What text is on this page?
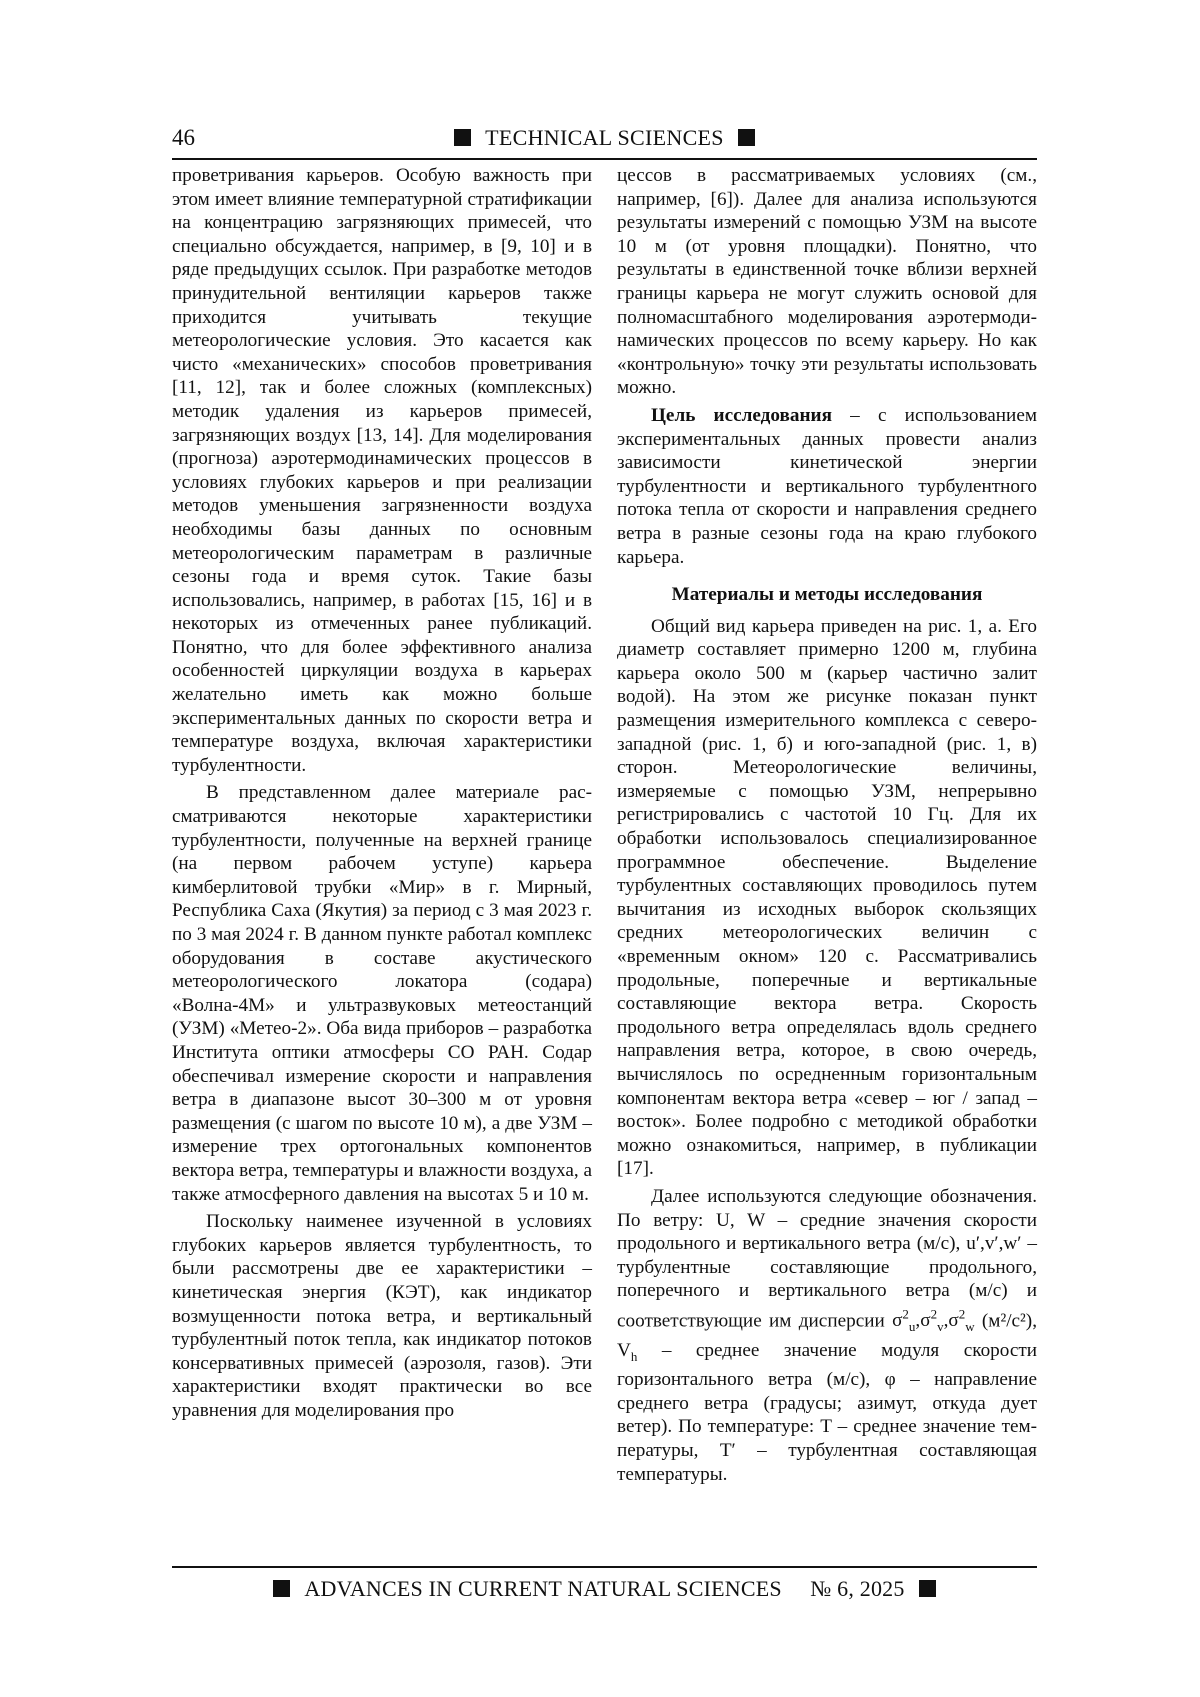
46	TECHNICAL SCIENCES

проветривания карьеров. Особую важность при этом имеет влияние температурной стратификации на концентрацию загрязняющих примесей, что специально обсуждается, например, в [9, 10] и в ряде предыдущих ссылок. При разработке методов принудительной вентиляции карьеров также приходится учитывать текущие метеорологические условия. Это касается как чисто «механических» способов проветривания [11, 12], так и более сложных (комплексных) методик удаления из карьеров примесей, загрязняющих воздух [13, 14]. Для моделирования (прогноза) аэротермодинамических процессов в условиях глубоких карьеров и при реализации методов уменьшения загрязненности воздуха необходимы базы данных по основным метеорологическим параметрам в различные сезоны года и время суток. Такие базы использовались, например, в работах [15, 16] и в некоторых из отмеченных ранее публикаций. Понятно, что для более эффективного анализа особенностей циркуляции воздуха в карьерах желательно иметь как можно больше экспериментальных данных по скорости ветра и температуре воздуха, включая характеристики турбулентности.

В представленном далее материале рассматриваются некоторые характеристики турбулентности, полученные на верхней границе (на первом рабочем уступе) карьера кимберлитовой трубки «Мир» в г. Мирный, Республика Саха (Якутия) за период с 3 мая 2023 г. по 3 мая 2024 г. В данном пункте работал комплекс оборудования в составе акустического метеорологического локатора (содара) «Волна-4М» и ультразвуковых метеостанций (УЗМ) «Метео-2». Оба вида приборов – разработка Института оптики атмосферы СО РАН. Содар обеспечивал измерение скорости и направления ветра в диапазоне высот 30–300 м от уровня размещения (с шагом по высоте 10 м), а две УЗМ – измерение трех ортогональных компонентов вектора ветра, температуры и влажности воздуха, а также атмосферного давления на высотах 5 и 10 м.

Поскольку наименее изученной в условиях глубоких карьеров является турбулентность, то были рассмотрены две ее характеристики – кинетическая энергия (КЭТ), как индикатор возмущенности потока ветра, и вертикальный турбулентный поток тепла, как индикатор потоков консервативных примесей (аэрозоля, газов). Эти характеристики входят практически во все уравнения для моделирования про

цессов в рассматриваемых условиях (см., например, [6]). Далее для анализа используются результаты измерений с помощью УЗМ на высоте 10 м (от уровня площадки). Понятно, что результаты в единственной точке вблизи верхней границы карьера не могут служить основой для полномасштабного моделирования аэротермодинамических процессов по всему карьеру. Но как «контрольную» точку эти результаты использовать можно.

Цель исследования – с использованием экспериментальных данных провести анализ зависимости кинетической энергии турбулентности и вертикального турбулентного потока тепла от скорости и направления среднего ветра в разные сезоны года на краю глубокого карьера.

Материалы и методы исследования

Общий вид карьера приведен на рис. 1, а. Его диаметр составляет примерно 1200 м, глубина карьера около 500 м (карьер частично залит водой). На этом же рисунке показан пункт размещения измерительного комплекса с северо-западной (рис. 1, б) и юго-западной (рис. 1, в) сторон. Метеорологические величины, измеряемые с помощью УЗМ, непрерывно регистрировались с частотой 10 Гц. Для их обработки использовалось специализированное программное обеспечение. Выделение турбулентных составляющих проводилось путем вычитания из исходных выборок скользящих средних метеорологических величин с «временным окном» 120 с. Рассматривались продольные, поперечные и вертикальные составляющие вектора ветра. Скорость продольного ветра определялась вдоль среднего направления ветра, которое, в свою очередь, вычислялось по осредненным горизонтальным компонентам вектора ветра «север – юг / запад – восток». Более подробно с методикой обработки можно ознакомиться, например, в публикации [17].

Далее используются следующие обозначения. По ветру: U, W – средние значения скорости продольного и вертикального ветра (м/с), u′,v′,w′ – турбулентные составляющие продольного, поперечного и вертикального ветра (м/с) и соответствующие им дисперсии $\sigma^2_u,\sigma^2_v,\sigma^2_w$ (м²/с²), $V_h$ – среднее значение модуля скорости горизонтального ветра (м/с), φ – направление среднего ветра (градусы; азимут, откуда дует ветер). По температуре: T – среднее значение температуры, T′ – турбулентная составляющая температуры.

ADVANCES IN CURRENT NATURAL SCIENCES № 6, 2025
